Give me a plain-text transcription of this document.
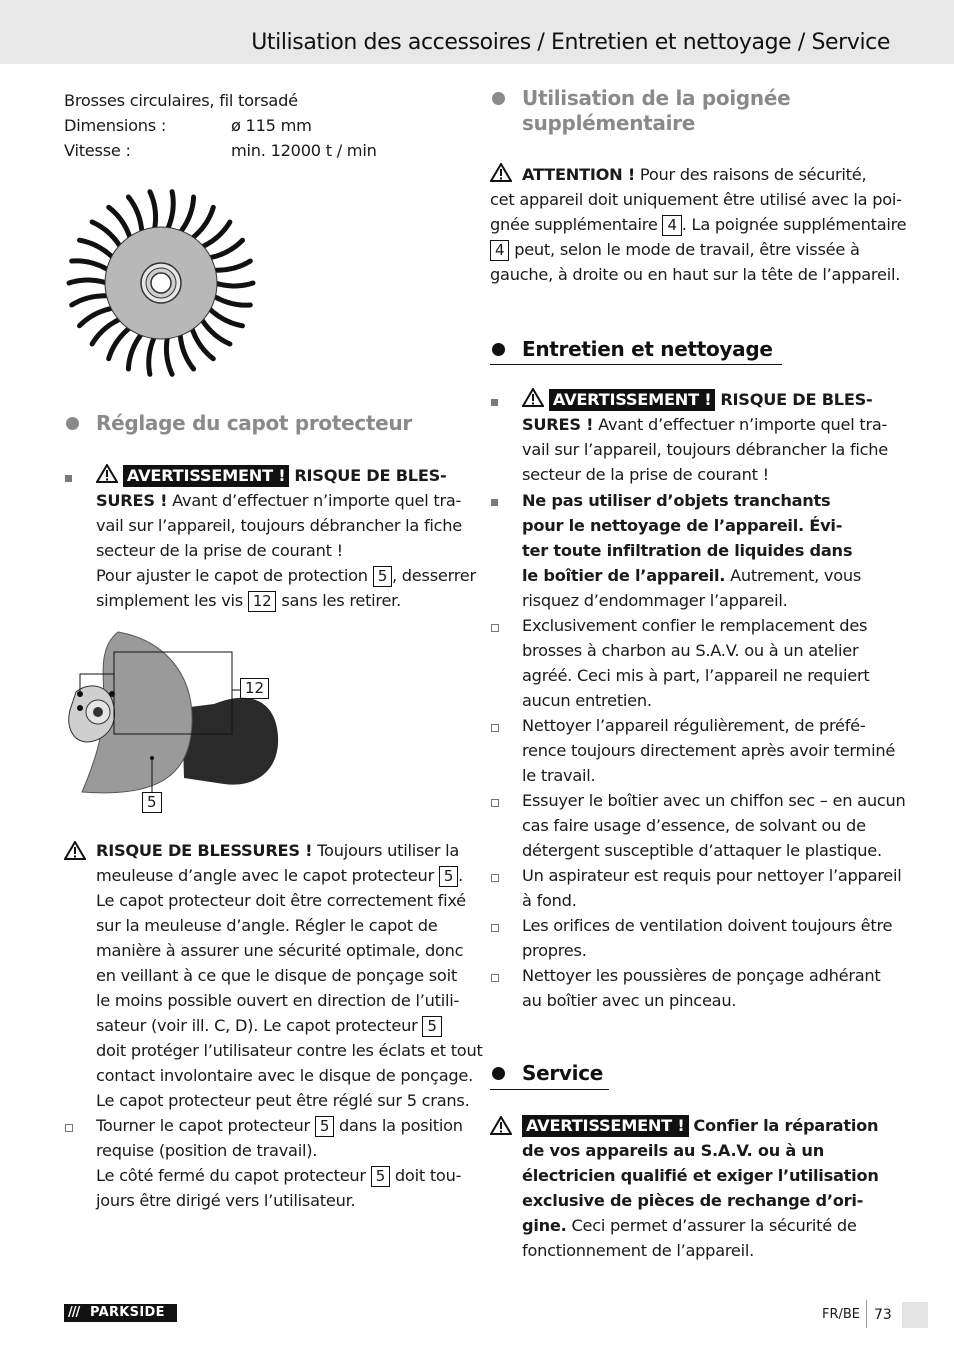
Utilisation des accessoires / Entretien et nettoyage / Service
Brosses circulaires, fil torsadé
Dimensions :	ø 115 mm
Vitesse :	min. 12000 t / min
Réglage du capot protecteur
AVERTISSEMENT ! RISQUE DE BLES-
SURES ! Avant d’effectuer n’importe quel tra-
vail sur l’appareil, toujours débrancher la fiche
secteur de la prise de courant !
Pour ajuster le capot de protection 5 , desserrer
simplement les vis 12 sans les retirer.
12
5
RISQUE DE BLESSURES ! Toujours utiliser la
meuleuse d’angle avec le capot protecteur 5 .
Le capot protecteur doit être correctement fixé
sur la meuleuse d’angle. Régler le capot de
manière à assurer une sécurité optimale, donc
en veillant à ce que le disque de ponçage soit
le moins possible ouvert en direction de l’utili-
sateur (voir ill. C, D). Le capot protecteur 5
doit protéger l’utilisateur contre les éclats et tout
contact involontaire avec le disque de ponçage.
Le capot protecteur peut être réglé sur 5 crans.
Tourner le capot protecteur 5 dans la position
requise (position de travail).
Le côté fermé du capot protecteur 5 doit tou-
jours être dirigé vers l’utilisateur.
Utilisation de la poignée
supplémentaire
ATTENTION ! Pour des raisons de sécurité,
cet appareil doit uniquement être utilisé avec la poi-
gnée supplémentaire 4 . La poignée supplémentaire
4 peut, selon le mode de travail, être vissée à
gauche, à droite ou en haut sur la tête de l’appareil.
Entretien et nettoyage
AVERTISSEMENT ! RISQUE DE BLES-
SURES ! Avant d’effectuer n’importe quel tra-
vail sur l’appareil, toujours débrancher la fiche
secteur de la prise de courant !
Ne pas utiliser d’objets tranchants
pour le nettoyage de l’appareil. Évi-
ter toute infiltration de liquides dans
le boîtier de l’appareil. Autrement, vous
risquez d’endommager l’appareil.
Exclusivement confier le remplacement des
brosses à charbon au S.A.V. ou à un atelier
agréé. Ceci mis à part, l’appareil ne requiert
aucun entretien.
Nettoyer l’appareil régulièrement, de préfé-
rence toujours directement après avoir terminé
le travail.
Essuyer le boîtier avec un chiffon sec – en aucun
cas faire usage d’essence, de solvant ou de
détergent susceptible d’attaquer le plastique.
Un aspirateur est requis pour nettoyer l’appareil
à fond.
Les orifices de ventilation doivent toujours être
propres.
Nettoyer les poussières de ponçage adhérant
au boîtier avec un pinceau.
Service
AVERTISSEMENT ! Confier la réparation
de vos appareils au S.A.V. ou à un
électricien qualifié et exiger l’utilisation
exclusive de pièces de rechange d’ori-
gine. Ceci permet d’assurer la sécurité de
fonctionnement de l’appareil.
/// PARKSIDE	FR/BE 73
